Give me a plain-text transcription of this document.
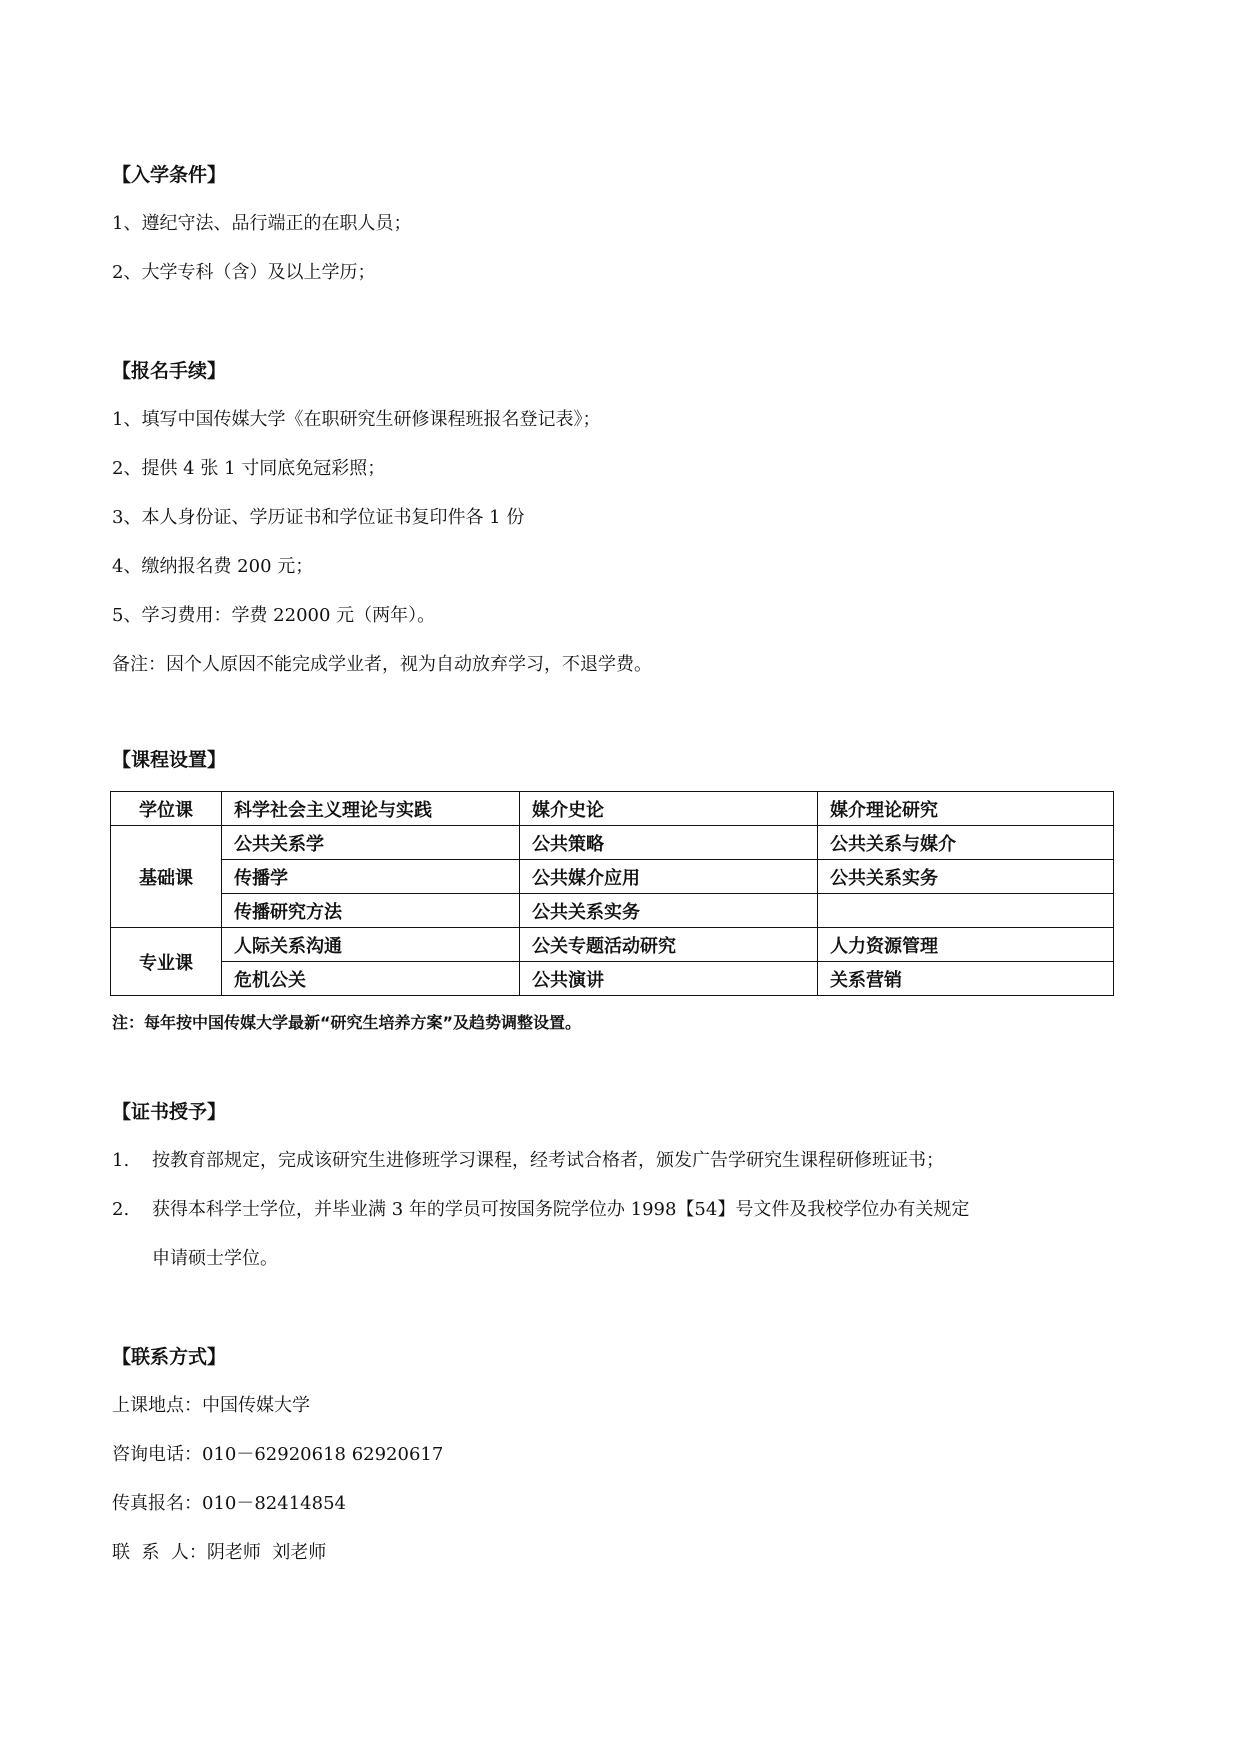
【入学条件】
1、遵纪守法、品行端正的在职人员；
2、大学专科（含）及以上学历；
【报名手续】
1、填写中国传媒大学《在职研究生研修课程班报名登记表》；
2、提供 4 张 1 寸同底免冠彩照；
3、本人身份证、学历证书和学位证书复印件各 1 份
4、缴纳报名费 200 元；
5、学习费用：学费 22000 元（两年）。
备注：因个人原因不能完成学业者，视为自动放弃学习，不退学费。
【课程设置】
学位课	科学社会主义理论与实践	媒介史论	媒介理论研究
基础课	公共关系学	公共策略	公共关系与媒介
	传播学	公共媒介应用	公共关系实务
	传播研究方法	公共关系实务	
专业课	人际关系沟通	公关专题活动研究	人力资源管理
	危机公关	公共演讲	关系营销
注：每年按中国传媒大学最新“研究生培养方案”及趋势调整设置。
【证书授予】
1. 按教育部规定，完成该研究生进修班学习课程，经考试合格者，颁发广告学研究生课程研修班证书；
2. 获得本科学士学位，并毕业满 3 年的学员可按国务院学位办 1998【54】号文件及我校学位办有关规定
申请硕士学位。
【联系方式】
上课地点：中国传媒大学
咨询电话：010－62920618 62920617
传真报名：010－82414854
联  系  人：阴老师  刘老师
